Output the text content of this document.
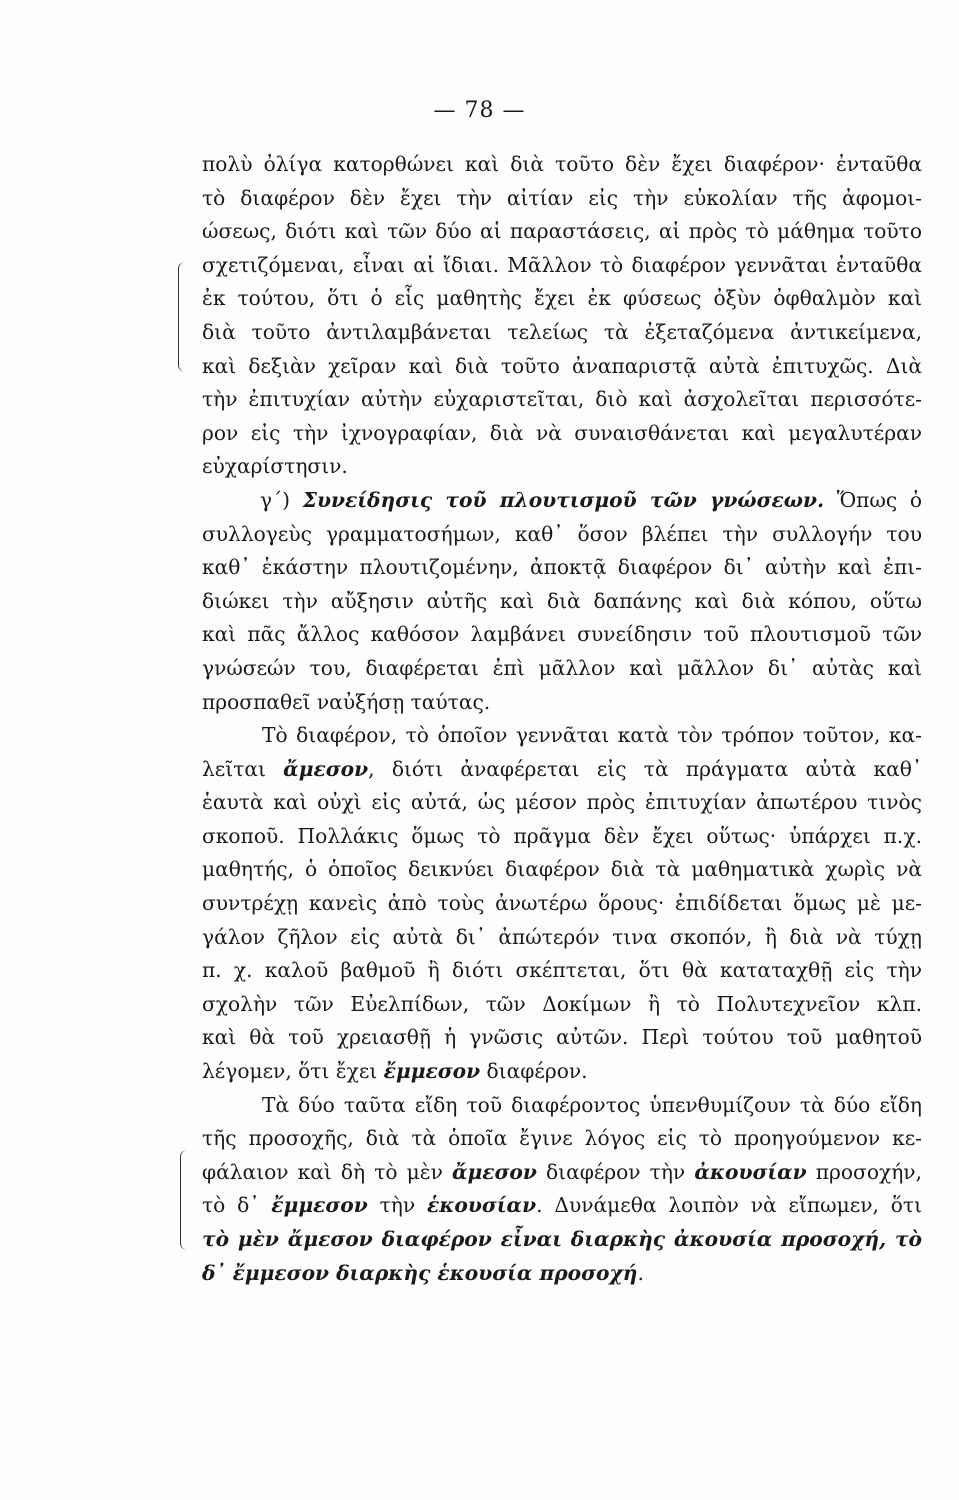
— 78 —
πολὺ ὀλίγα κατορθώνει καὶ διὰ τοῦτο δὲν ἔχει διαφέρον· ἐνταῦθα
τὸ διαφέρον δὲν ἔχει τὴν αἰτίαν εἰς τὴν εὐκολίαν τῆς ἀφομοι-
ώσεως, διότι καὶ τῶν δύο αἱ παραστάσεις, αἱ πρὸς τὸ μάθημα τοῦτο
σχετιζόμεναι, εἶναι αἱ ἴδιαι. Μᾶλλον τὸ διαφέρον γεννᾶται ἐνταῦθα
ἐκ τούτου, ὅτι ὁ εἷς μαθητὴς ἔχει ἐκ φύσεως ὀξὺν ὀφθαλμὸν καὶ
διὰ τοῦτο ἀντιλαμβάνεται τελείως τὰ ἐξεταζόμενα ἀντικείμενα,
καὶ δεξιὰν χεῖραν καὶ διὰ τοῦτο ἀναπαριστᾷ αὐτὰ ἐπιτυχῶς. Διὰ
τὴν ἐπιτυχίαν αὐτὴν εὐχαριστεῖται, διὸ καὶ ἀσχολεῖται περισσότε-
ρον εἰς τὴν ἰχνογραφίαν, διὰ νὰ συναισθάνεται καὶ μεγαλυτέραν
εὐχαρίστησιν.
γ´) Συνείδησις τοῦ πλουτισμοῦ τῶν γνώσεων. Ὅπως ὁ
συλλογεὺς γραμματοσήμων, καθ᾽ ὅσον βλέπει τὴν συλλογήν του
καθ᾽ ἑκάστην πλουτιζομένην, ἀποκτᾷ διαφέρον δι᾽ αὐτὴν καὶ ἐπι-
διώκει τὴν αὔξησιν αὐτῆς καὶ διὰ δαπάνης καὶ διὰ κόπου, οὕτω
καὶ πᾶς ἄλλος καθόσον λαμβάνει συνείδησιν τοῦ πλουτισμοῦ τῶν
γνώσεών του, διαφέρεται ἐπὶ μᾶλλον καὶ μᾶλλον δι᾽ αὐτὰς καὶ
προσπαθεῖ ναὐξήσῃ ταύτας.
Τὸ διαφέρον, τὸ ὁποῖον γεννᾶται κατὰ τὸν τρόπον τοῦτον, κα-
λεῖται ἄμεσον, διότι ἀναφέρεται εἰς τὰ πράγματα αὐτὰ καθ᾽
ἑαυτὰ καὶ οὐχὶ εἰς αὐτά, ὡς μέσον πρὸς ἐπιτυχίαν ἀπωτέρου τινὸς
σκοποῦ. Πολλάκις ὅμως τὸ πρᾶγμα δὲν ἔχει οὕτως· ὑπάρχει π.χ.
μαθητής, ὁ ὁποῖος δεικνύει διαφέρον διὰ τὰ μαθηματικὰ χωρὶς νὰ
συντρέχῃ κανεὶς ἀπὸ τοὺς ἀνωτέρω ὅρους· ἐπιδίδεται ὅμως μὲ με-
γάλον ζῆλον εἰς αὐτὰ δι᾽ ἀπώτερόν τινα σκοπόν, ἢ διὰ νὰ τύχῃ
π. χ. καλοῦ βαθμοῦ ἢ διότι σκέπτεται, ὅτι θὰ καταταχθῇ εἰς τὴν
σχολὴν τῶν Εὐελπίδων, τῶν Δοκίμων ἢ τὸ Πολυτεχνεῖον κλπ.
καὶ θὰ τοῦ χρειασθῇ ἡ γνῶσις αὐτῶν. Περὶ τούτου τοῦ μαθητοῦ
λέγομεν, ὅτι ἔχει ἔμμεσον διαφέρον.
Τὰ δύο ταῦτα εἴδη τοῦ διαφέροντος ὑπενθυμίζουν τὰ δύο εἴδη
τῆς προσοχῆς, διὰ τὰ ὁποῖα ἔγινε λόγος εἰς τὸ προηγούμενον κε-
φάλαιον καὶ δὴ τὸ μὲν ἄμεσον διαφέρον τὴν ἀκουσίαν προσοχήν,
τὸ δ᾽ ἔμμεσον τὴν ἑκουσίαν. Δυνάμεθα λοιπὸν νὰ εἴπωμεν, ὅτι
τὸ μὲν ἄμεσον διαφέρον εἶναι διαρκὴς ἀκουσία προσοχή, τὸ
δ᾽ ἔμμεσον διαρκὴς ἑκουσία προσοχή.
